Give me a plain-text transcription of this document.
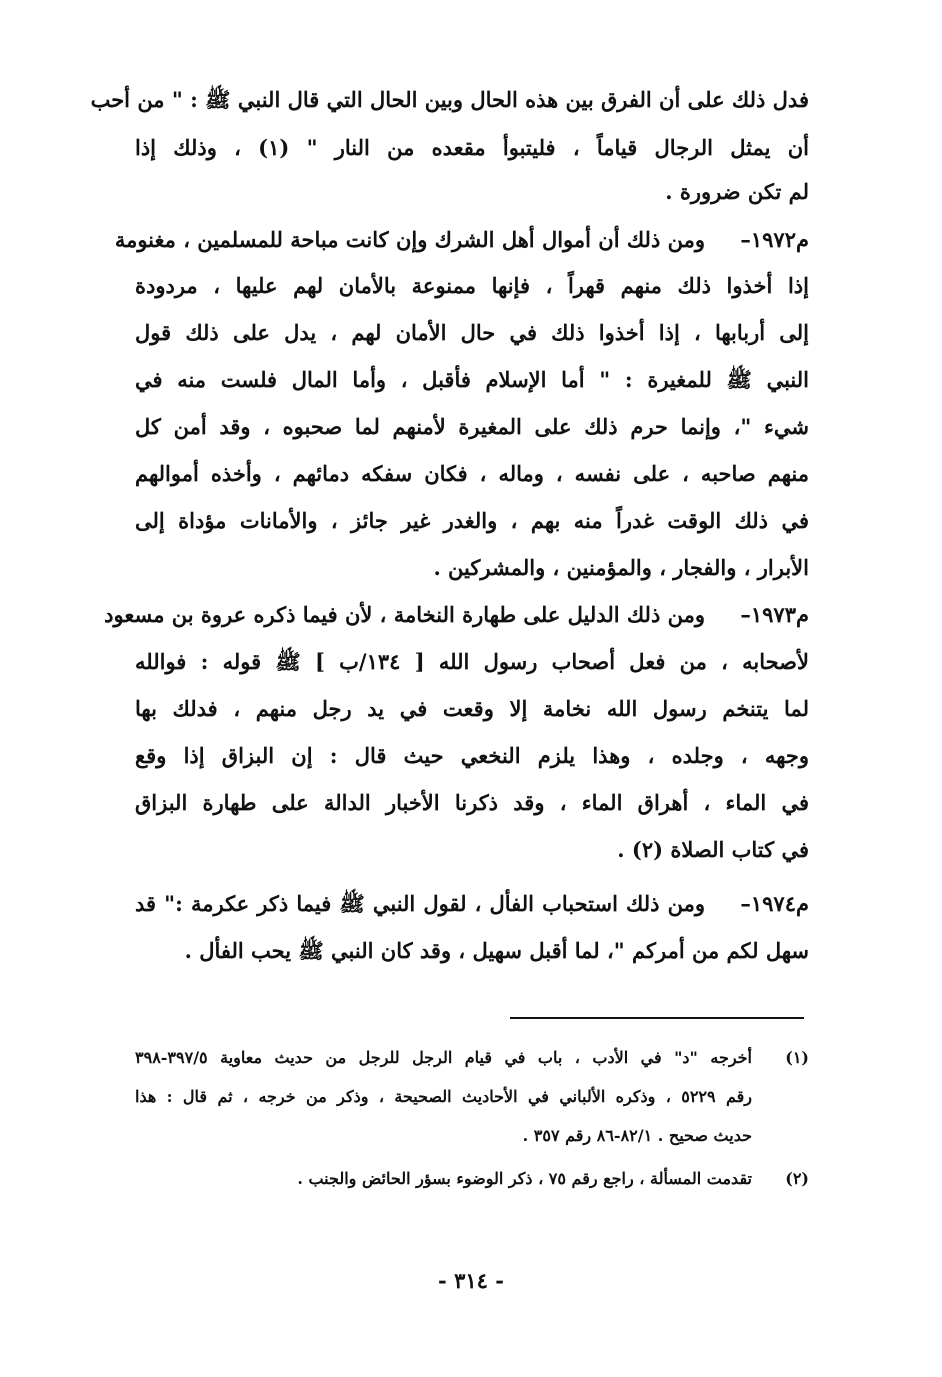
فدل ذلك على أن الفرق بين هذه الحال وبين الحال التي قال النبي ﷺ : " من أحب
أن يمثل الرجال قياماً ، فليتبوأ مقعده من النار " (١) ، وذلك إذا
لم تكن ضرورة .
م١٩٧٢–
ومن ذلك أن أموال أهل الشرك وإن كانت مباحة للمسلمين ، مغنومة
إذا أخذوا ذلك منهم قهراً ، فإنها ممنوعة بالأمان لهم عليها ، مردودة
إلى أربابها ، إذا أخذوا ذلك في حال الأمان لهم ، يدل على ذلك قول
النبي ﷺ للمغيرة : " أما الإسلام فأقبل ، وأما المال فلست منه في
شيء "، وإنما حرم ذلك على المغيرة لأمنهم لما صحبوه ، وقد أمن كل
منهم صاحبه ، على نفسه ، وماله ، فكان سفكه دمائهم ، وأخذه أموالهم
في ذلك الوقت غدراً منه بهم ، والغدر غير جائز ، والأمانات مؤداة إلى
الأبرار ، والفجار ، والمؤمنين ، والمشركين .
م١٩٧٣–
ومن ذلك الدليل على طهارة النخامة ، لأن فيما ذكره عروة بن مسعود
لأصحابه ، من فعل أصحاب رسول الله [ ١٣٤/ب ] ﷺ قوله : فوالله
لما يتنخم رسول الله نخامة إلا وقعت في يد رجل منهم ، فدلك بها
وجهه ، وجلده ، وهذا يلزم النخعي حيث قال : إن البزاق إذا وقع
في الماء ، أهراق الماء ، وقد ذكرنا الأخبار الدالة على طهارة البزاق
في كتاب الصلاة (٢) .
م١٩٧٤–
ومن ذلك استحباب الفأل ، لقول النبي ﷺ فيما ذكر عكرمة :" قد
سهل لكم من أمركم "، لما أقبل سهيل ، وقد كان النبي ﷺ يحب الفأل .
(١)
أخرجه "د" في الأدب ، باب في قيام الرجل للرجل من حديث معاوية ٣٩٧/٥-٣٩٨
رقم ٥٢٢٩ ، وذكره الألباني في الأحاديث الصحيحة ، وذكر من خرجه ، ثم قال : هذا
حديث صحيح . ٨٢/١-٨٦ رقم ٣٥٧ .
(٢)
تقدمت المسألة ، راجع رقم ٧٥ ، ذكر الوضوء بسؤر الحائض والجنب .
- ٣١٤ -
